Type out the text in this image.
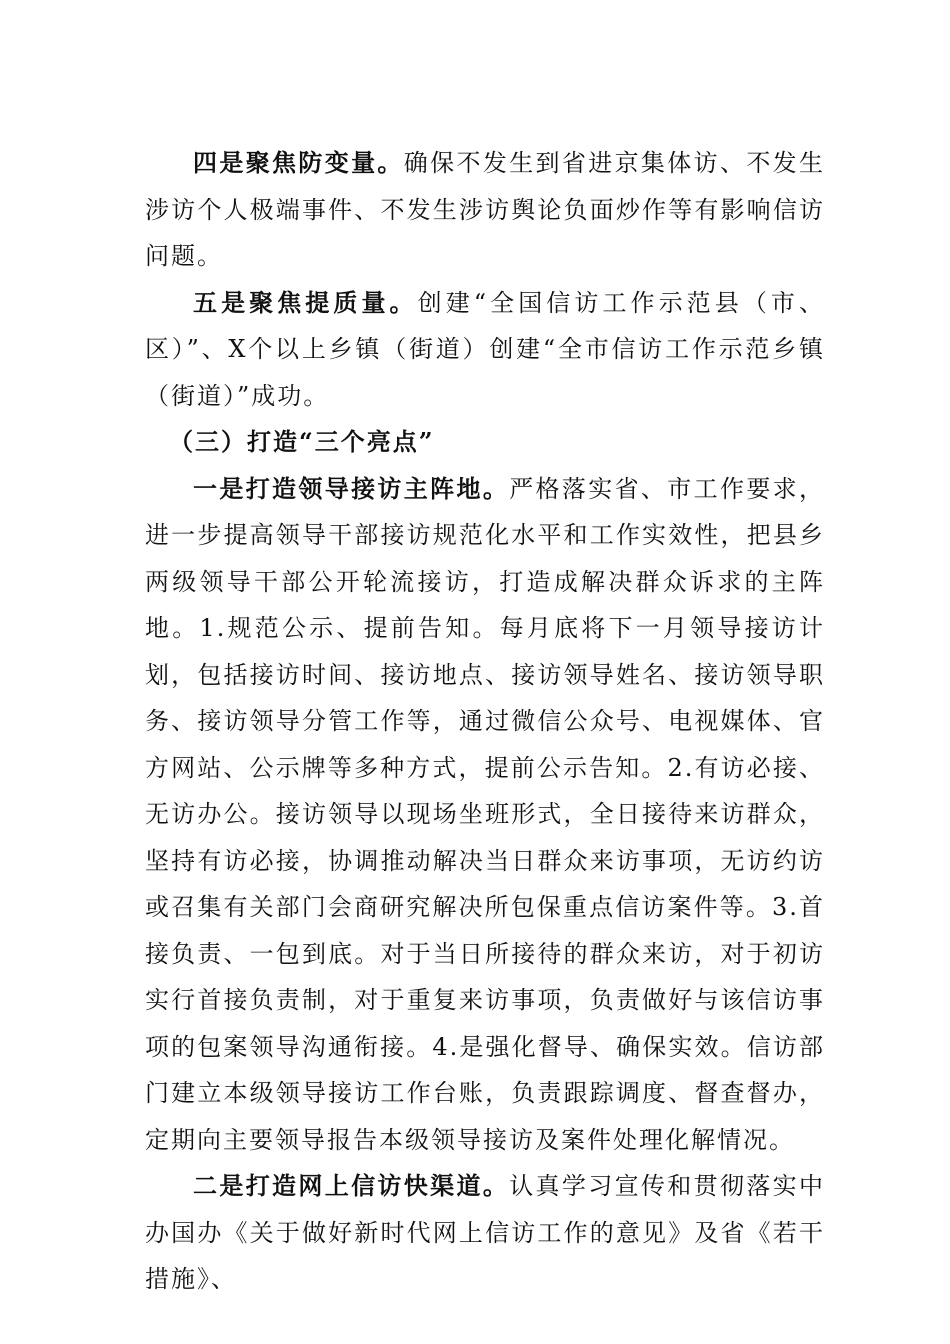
四是聚焦防变量。确保不发生到省进京集体访、不发生涉访个人极端事件、不发生涉访舆论负面炒作等有影响信访问题。

五是聚焦提质量。创建“全国信访工作示范县（市、区）”、X个以上乡镇（街道）创建“全市信访工作示范乡镇（街道）”成功。

（三）打造“三个亮点”

一是打造领导接访主阵地。严格落实省、市工作要求，进一步提高领导干部接访规范化水平和工作实效性，把县乡两级领导干部公开轮流接访，打造成解决群众诉求的主阵地。1.规范公示、提前告知。每月底将下一月领导接访计划，包括接访时间、接访地点、接访领导姓名、接访领导职务、接访领导分管工作等，通过微信公众号、电视媒体、官方网站、公示牌等多种方式，提前公示告知。2.有访必接、无访办公。接访领导以现场坐班形式，全日接待来访群众，坚持有访必接，协调推动解决当日群众来访事项，无访约访或召集有关部门会商研究解决所包保重点信访案件等。3.首接负责、一包到底。对于当日所接待的群众来访，对于初访实行首接负责制，对于重复来访事项，负责做好与该信访事项的包案领导沟通衔接。4.是强化督导、确保实效。信访部门建立本级领导接访工作台账，负责跟踪调度、督查督办，定期向主要领导报告本级领导接访及案件处理化解情况。

二是打造网上信访快渠道。认真学习宣传和贯彻落实中办国办《关于做好新时代网上信访工作的意见》及省《若干措施》、
